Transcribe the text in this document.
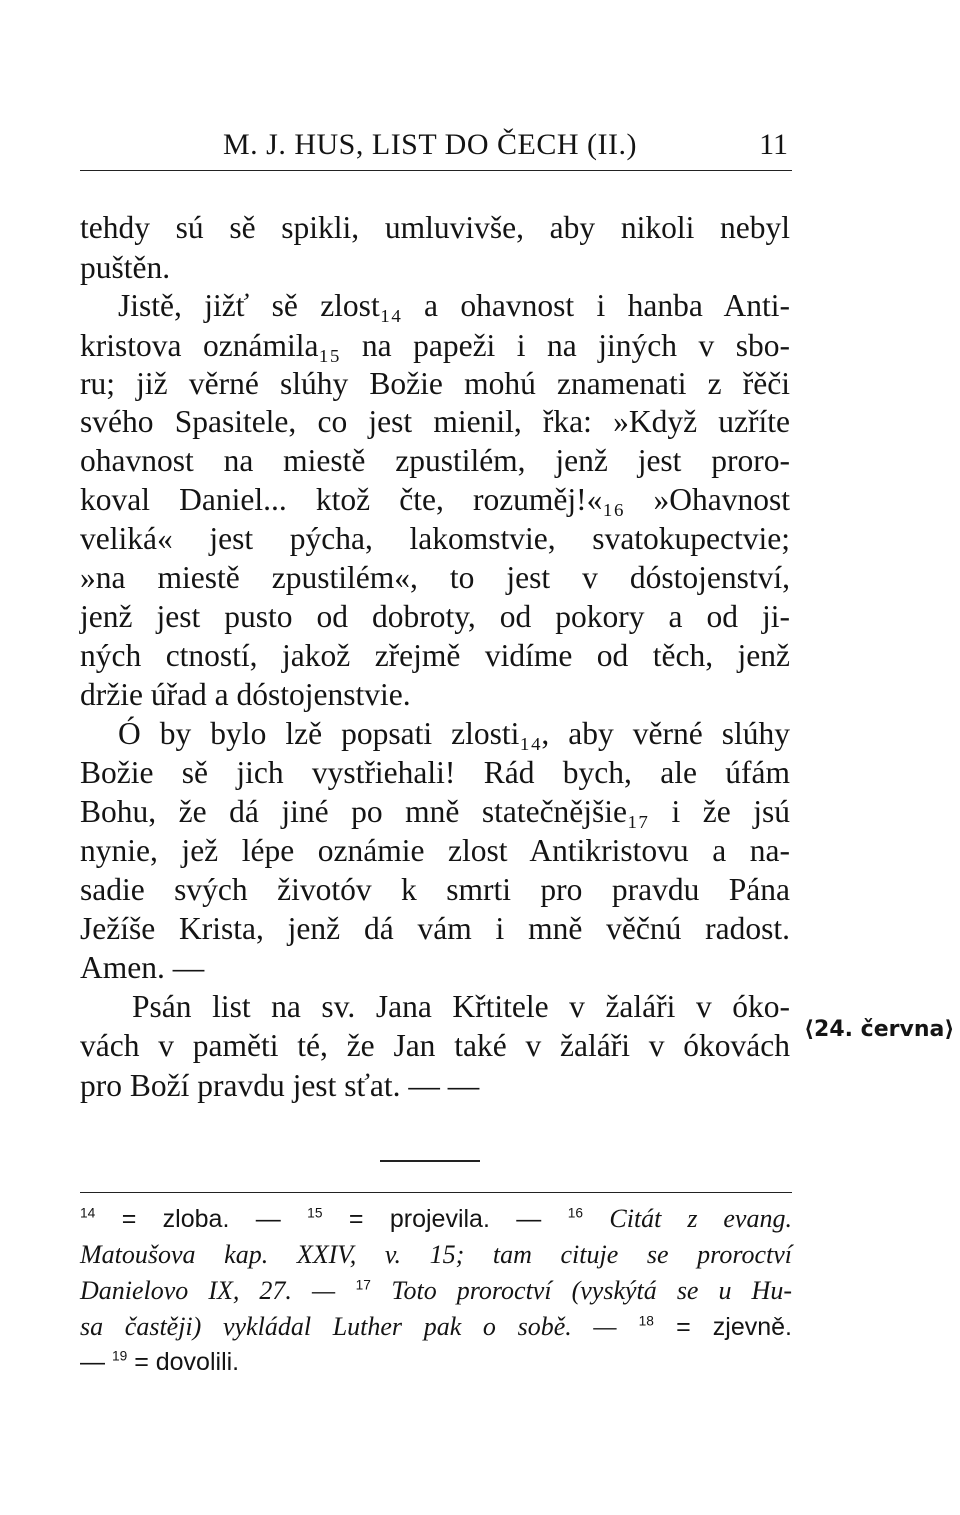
M. J. HUS, LIST DO ČECH (II.)	11
tehdy sú sě spikli, umluvivše, aby nikoli nebyl
puštěn.
Jistě, jižť sě zlost₁₄ a ohavnost i hanba Anti-
kristova oznámila₁₅ na papeži i na jiných v sbo-
ru; již věrné slúhy Božie mohú znamenati z řěči
svého Spasitele, co jest mienil, řka: »Když uzříte
ohavnost na miestě zpustilém, jenž jest proro-
koval Daniel... ktož čte, rozuměj!«₁₆ »Ohavnost
veliká« jest pýcha, lakomstvie, svatokupectvie;
»na miestě zpustilém«, to jest v dóstojenství,
jenž jest pusto od dobroty, od pokory a od ji-
ných ctností, jakož zřejmě vidíme od těch, jenž
držie úřad a dóstojenstvie.
Ó by bylo lzě popsati zlosti₁₄, aby věrné slúhy
Božie sě jich vystřiehali! Rád bych, ale úfám
Bohu, že dá jiné po mně statečnějšie₁₇ i že jsú
nynie, jež lépe oznámie zlost Antikristovu a na-
sadie svých životóv k smrti pro pravdu Pána
Ježíše Krista, jenž dá vám i mně věčnú radost.
Amen. —
Psán list na sv. Jana Křtitele v žaláři v óko-
vách v paměti té, že Jan také v žaláři v ókovách
pro Boží pravdu jest sťat. — —
⟨24. června⟩
$^{14}$ = zloba. — $^{15}$ = projevila. — $^{16}$ Citát z evang.
Matoušova kap. XXIV, v. 15; tam cituje se proroctví
Danielovo IX, 27. — $^{17}$ Toto proroctví (vyskýtá se u Hu-
sa častěji) vykládal Luther pak o sobě. — $^{18}$ = zjevně.
— $^{19}$ = dovolili.
